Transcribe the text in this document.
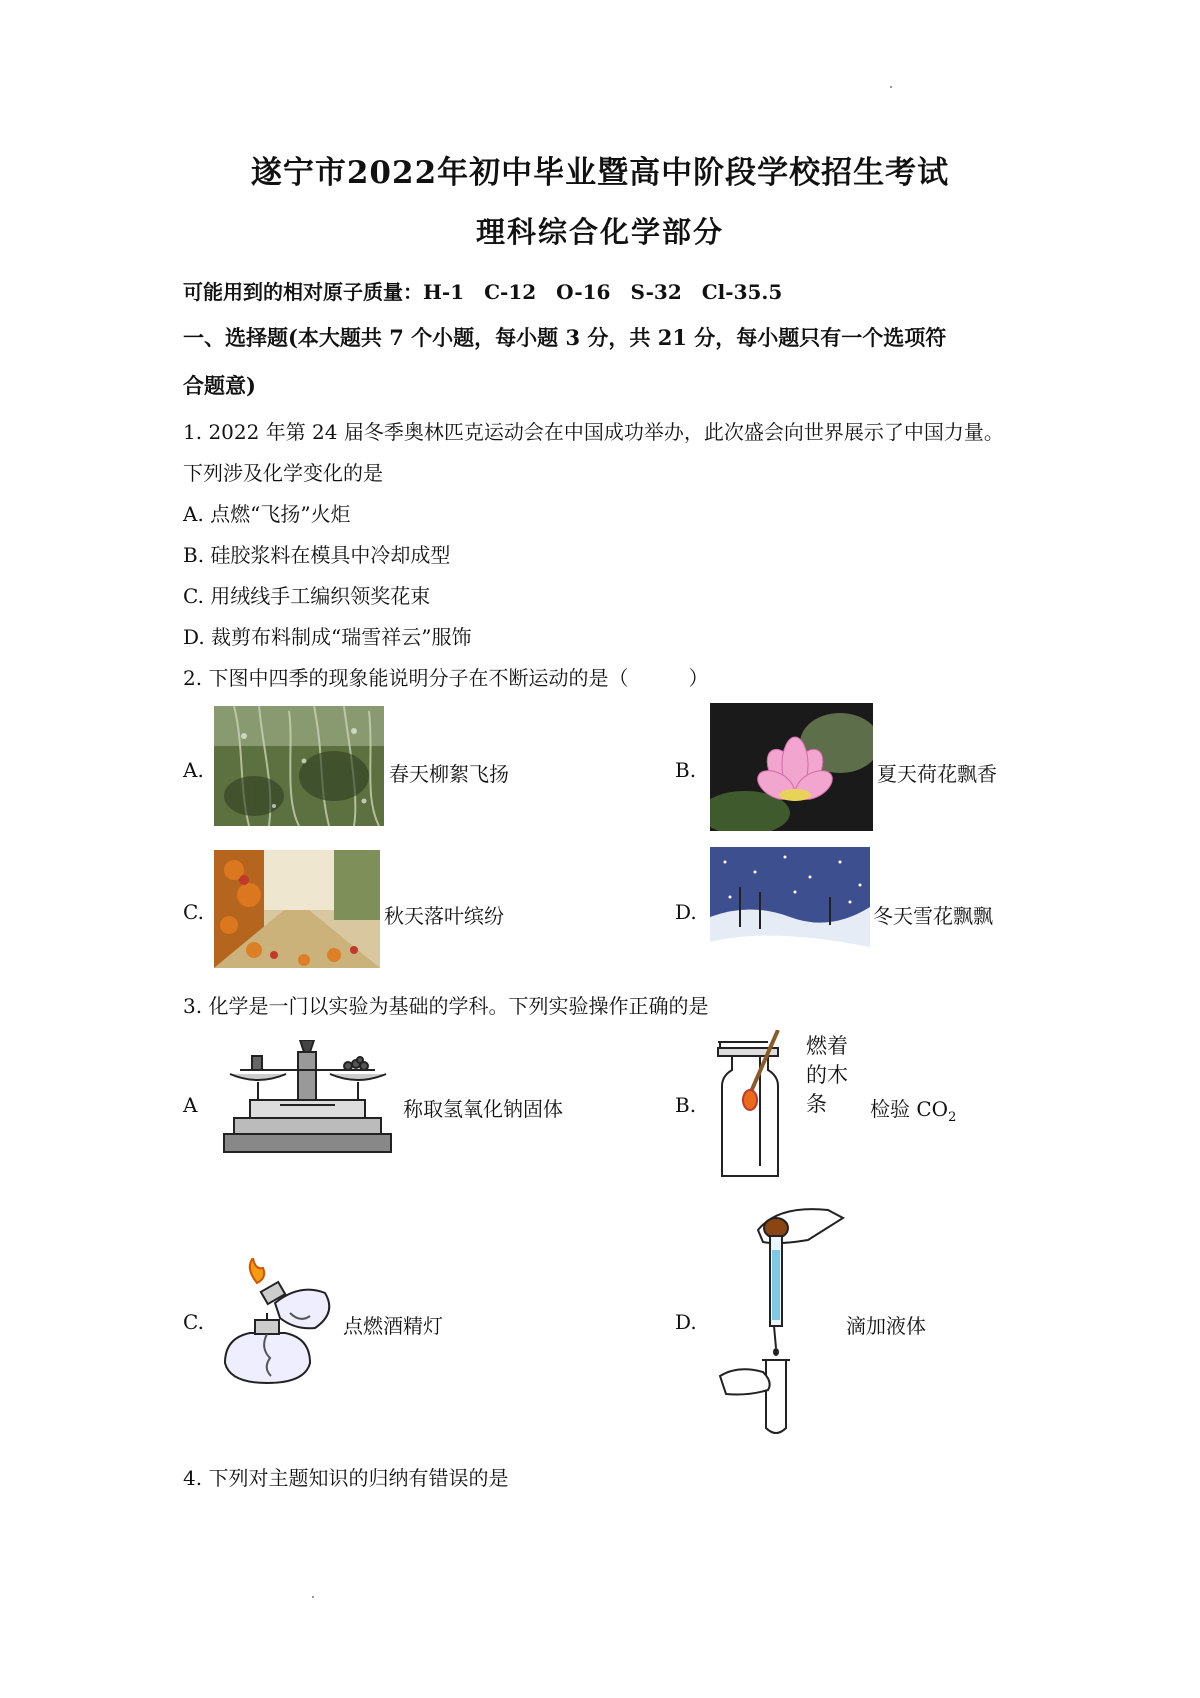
遂宁市2022年初中毕业暨高中阶段学校招生考试
理科综合化学部分
可能用到的相对原子质量：H-1　C-12　O-16　S-32　Cl-35.5
一、选择题(本大题共 7 个小题，每小题 3 分，共 21 分，每小题只有一个选项符
合题意)
1. 2022 年第 24 届冬季奥林匹克运动会在中国成功举办，此次盛会向世界展示了中国力量。
下列涉及化学变化的是
A. 点燃“飞扬”火炬
B. 硅胶浆料在模具中冷却成型
C. 用绒线手工编织领奖花束
D. 裁剪布料制成“瑞雪祥云”服饰
2. 下图中四季的现象能说明分子在不断运动的是（　　　）
A.	春天柳絮飞扬	B.	夏天荷花飘香
C.	秋天落叶缤纷	D.	冬天雪花飘飘
3. 化学是一门以实验为基础的学科。下列实验操作正确的是
A	称取氢氧化钠固体	B.
燃着
的木
条	检验 $CO_2$
C.	点燃酒精灯	D.	滴加液体
4. 下列对主题知识的归纳有错误的是
